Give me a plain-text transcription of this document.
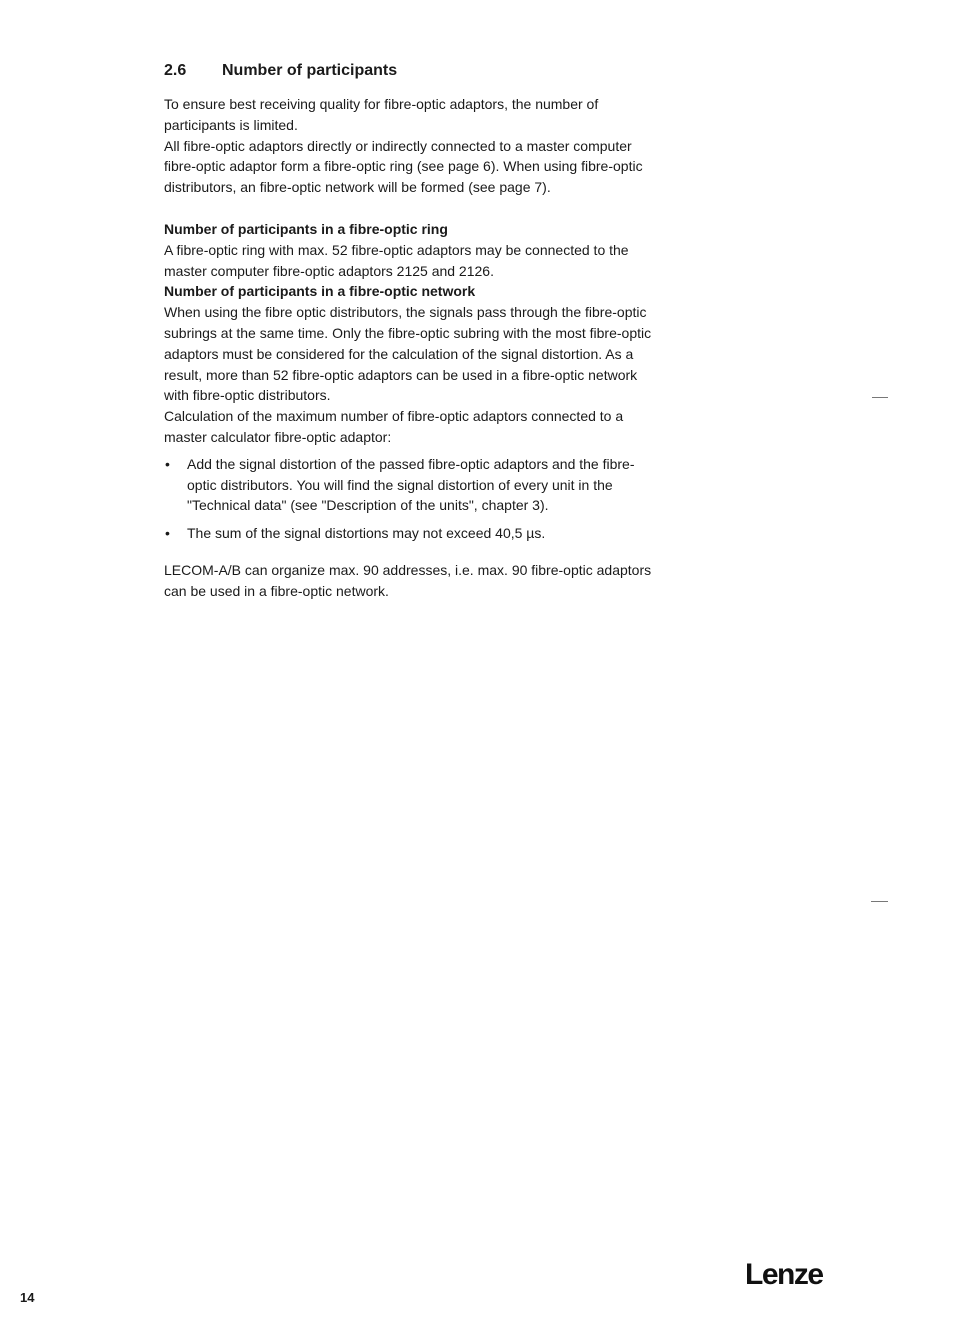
2.6	Number of participants

To ensure best receiving quality for fibre-optic adaptors, the number of participants is limited.

All fibre-optic adaptors directly or indirectly connected to a master computer fibre-optic adaptor form a fibre-optic ring (see page 6). When using fibre-optic distributors, an fibre-optic network will be formed (see page 7).

Number of participants in a fibre-optic ring

A fibre-optic ring with max. 52 fibre-optic adaptors may be connected to the master computer fibre-optic adaptors 2125 and 2126.

Number of participants in a fibre-optic network

When using the fibre optic distributors, the signals pass through the fibre-optic subrings at the same time. Only the fibre-optic subring with the most fibre-optic adaptors must be considered for the calculation of the signal distortion. As a result, more than 52 fibre-optic adaptors can be used in a fibre-optic network with fibre-optic distributors.

Calculation of the maximum number of fibre-optic adaptors connected to a master calculator fibre-optic adaptor:

• Add the signal distortion of the passed fibre-optic adaptors and the fibre-optic distributors. You will find the signal distortion of every unit in the "Technical data" (see "Description of the units", chapter 3).
• The sum of the signal distortions may not exceed 40,5 µs.

LECOM-A/B can organize max. 90 addresses, i.e. max. 90 fibre-optic adaptors can be used in a fibre-optic network.

14
Lenze
